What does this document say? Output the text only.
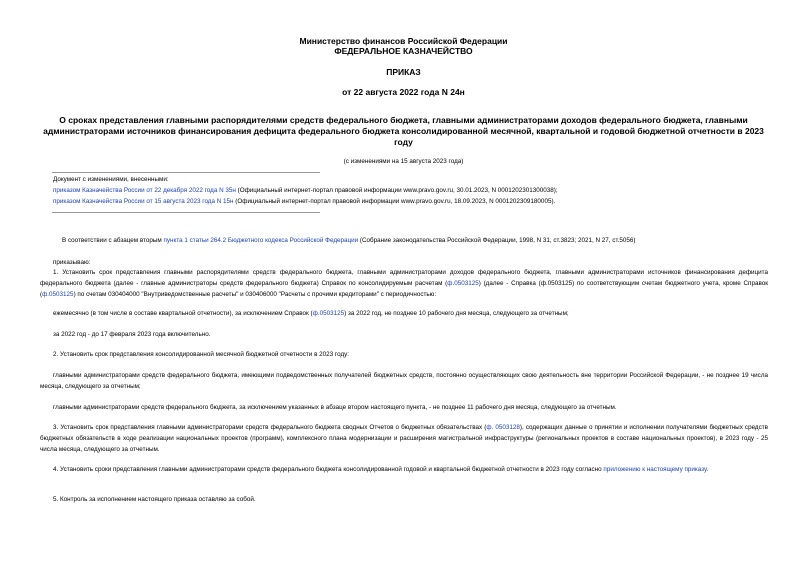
Министерство финансов Российской Федерации
ФЕДЕРАЛЬНОЕ КАЗНАЧЕЙСТВО
ПРИКАЗ
от 22 августа 2022 года N 24н
О сроках представления главными распорядителями средств федерального бюджета, главными администраторами доходов федерального бюджета, главными администраторами источников финансирования дефицита федерального бюджета консолидированной месячной, квартальной и годовой бюджетной отчетности в 2023 году
(с изменениями на 15 августа 2023 года)
Документ с изменениями, внесенными:
приказом Казначейства России от 22 декабря 2022 года N 35н (Официальный интернет-портал правовой информации www.pravo.gov.ru, 30.01.2023, N 0001202301300038);
приказом Казначейства России от 15 августа 2023 года N 15н (Официальный интернет-портал правовой информации www.pravo.gov.ru, 18.09.2023, N 0001202309180005).
В соответствии с абзацем вторым пункта 1 статьи 264.2 Бюджетного кодекса Российской Федерации (Собрание законодательства Российской Федерации, 1998, N 31, ст.3823; 2021, N 27, ст.5056)
приказываю:
1. Установить срок представления главными распорядителями средств федерального бюджета, главными администраторами доходов федерального бюджета, главными администраторами источников финансирования дефицита федерального бюджета (далее - главные администраторы средств федерального бюджета) Справок по консолидируемым расчетам (ф.0503125) (далее - Справка (ф.0503125) по соответствующим счетам бюджетного учета, кроме Справок (ф.0503125) по счетам 030404000 "Внутриведомственные расчеты" и 030406000 "Расчеты с прочими кредиторами" с периодичностью:
ежемесячно (в том числе в составе квартальной отчетности), за исключением Справок (ф.0503125) за 2022 год, не позднее 10 рабочего дня месяца, следующего за отчетным;
за 2022 год - до 17 февраля 2023 года включительно.
2. Установить срок представления консолидированной месячной бюджетной отчетности в 2023 году:
главными администраторами средств федерального бюджета, имеющими подведомственных получателей бюджетных средств, постоянно осуществляющих свою деятельность вне территории Российской Федерации, - не позднее 19 числа месяца, следующего за отчетным;
главными администраторами средств федерального бюджета, за исключением указанных в абзаце втором настоящего пункта, - не позднее 11 рабочего дня месяца, следующего за отчетным.
3. Установить срок представления главными администраторами средств федерального бюджета сводных Отчетов о бюджетных обязательствах (ф. 0503128), содержащих данные о принятии и исполнении получателями бюджетных средств бюджетных обязательств в ходе реализации национальных проектов (программ), комплексного плана модернизации и расширения магистральной инфраструктуры (региональных проектов в составе национальных проектов), в 2023 году - 25 числа месяца, следующего за отчетным.
4. Установить сроки представления главными администраторами средств федерального бюджета консолидированной годовой и квартальной бюджетной отчетности в 2023 году согласно приложению к настоящему приказу.
5. Контроль за исполнением настоящего приказа оставляю за собой.
